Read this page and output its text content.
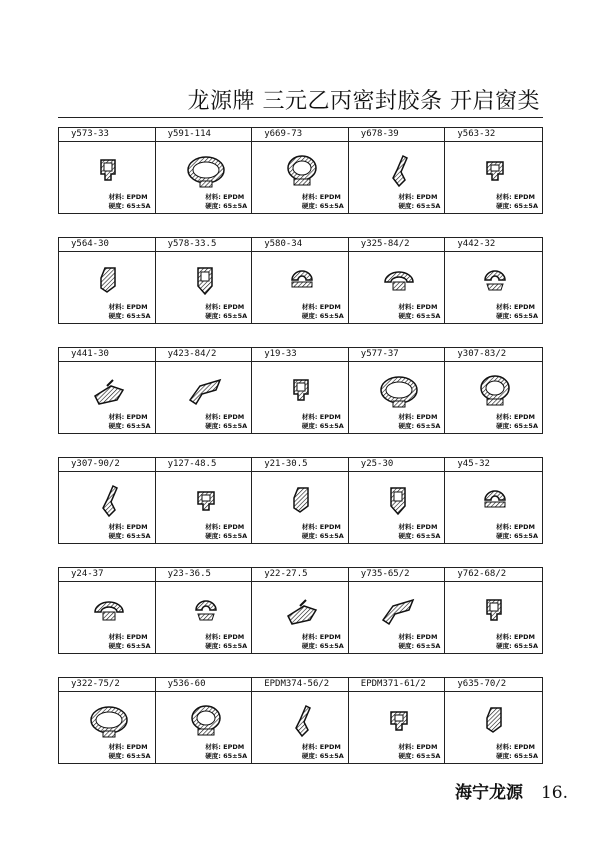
龙源牌 三元乙丙密封胶条 开启窗类
y573-33
材料: EPDM
硬度: 65±5A
y591-114
材料: EPDM
硬度: 65±5A
y669-73
材料: EPDM
硬度: 65±5A
y678-39
材料: EPDM
硬度: 65±5A
y563-32
材料: EPDM
硬度: 65±5A
y564-30
材料: EPDM
硬度: 65±5A
y578-33.5
材料: EPDM
硬度: 65±5A
y580-34
材料: EPDM
硬度: 65±5A
y325-84/2
材料: EPDM
硬度: 65±5A
y442-32
材料: EPDM
硬度: 65±5A
y441-30
材料: EPDM
硬度: 65±5A
y423-84/2
材料: EPDM
硬度: 65±5A
y19-33
材料: EPDM
硬度: 65±5A
y577-37
材料: EPDM
硬度: 65±5A
y307-83/2
材料: EPDM
硬度: 65±5A
y307-90/2
材料: EPDM
硬度: 65±5A
y127-48.5
材料: EPDM
硬度: 65±5A
y21-30.5
材料: EPDM
硬度: 65±5A
y25-30
材料: EPDM
硬度: 65±5A
y45-32
材料: EPDM
硬度: 65±5A
y24-37
材料: EPDM
硬度: 65±5A
y23-36.5
材料: EPDM
硬度: 65±5A
y22-27.5
材料: EPDM
硬度: 65±5A
y735-65/2
材料: EPDM
硬度: 65±5A
y762-68/2
材料: EPDM
硬度: 65±5A
y322-75/2
材料: EPDM
硬度: 65±5A
y536-60
材料: EPDM
硬度: 65±5A
EPDM374-56/2
材料: EPDM
硬度: 65±5A
EPDM371-61/2
材料: EPDM
硬度: 65±5A
y635-70/2
材料: EPDM
硬度: 65±5A
海宁龙源 16.
